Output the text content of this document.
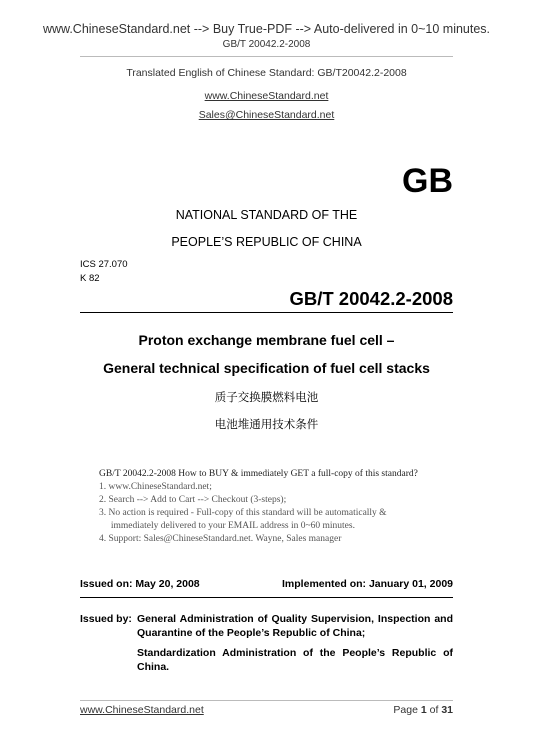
www.ChineseStandard.net --> Buy True-PDF --> Auto-delivered in 0~10 minutes.
GB/T 20042.2-2008
Translated English of Chinese Standard: GB/T20042.2-2008
www.ChineseStandard.net
Sales@ChineseStandard.net
GB
NATIONAL STANDARD OF THE
PEOPLE’S REPUBLIC OF CHINA
ICS 27.070
K 82
GB/T 20042.2-2008
Proton exchange membrane fuel cell –
General technical specification of fuel cell stacks
质子交换膜燃料电池
电池堆通用技术条件
GB/T 20042.2-2008 How to BUY & immediately GET a full-copy of this standard?
1. www.ChineseStandard.net;
2. Search --> Add to Cart --> Checkout (3-steps);
3. No action is required - Full-copy of this standard will be automatically &
immediately delivered to your EMAIL address in 0~60 minutes.
4. Support: Sales@ChineseStandard.net. Wayne, Sales manager
Issued on: May 20, 2008	Implemented on: January 01, 2009
Issued by: General Administration of Quality Supervision, Inspection and Quarantine of the People’s Republic of China;
Standardization Administration of the People’s Republic of China.
www.ChineseStandard.net	Page 1 of 31
